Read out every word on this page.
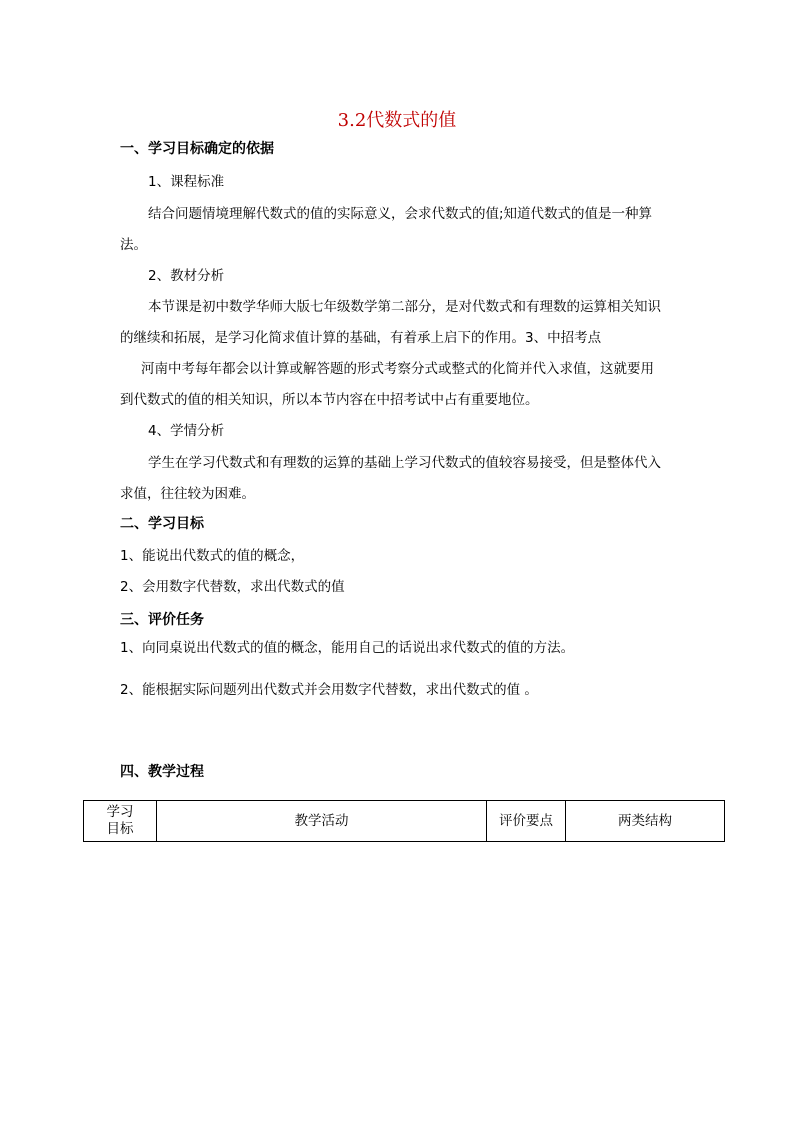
3.2代数式的值
一、学习目标确定的依据
1、课程标准
结合问题情境理解代数式的值的实际意义，会求代数式的值;知道代数式的值是一种算
法。
2、教材分析
本节课是初中数学华师大版七年级数学第二部分，是对代数式和有理数的运算相关知识
的继续和拓展，是学习化简求值计算的基础，有着承上启下的作用。3、中招考点
河南中考每年都会以计算或解答题的形式考察分式或整式的化简并代入求值，这就要用
到代数式的值的相关知识，所以本节内容在中招考试中占有重要地位。
4、学情分析
学生在学习代数式和有理数的运算的基础上学习代数式的值较容易接受，但是整体代入
求值，往往较为困难。
二、学习目标
1、能说出代数式的值的概念，
2、会用数字代替数，求出代数式的值
三、评价任务
1、向同桌说出代数式的值的概念，能用自己的话说出求代数式的值的方法。
2、能根据实际问题列出代数式并会用数字代替数，求出代数式的值 。
四、教学过程
学习
目标
	教学活动	评价要点	两类结构
